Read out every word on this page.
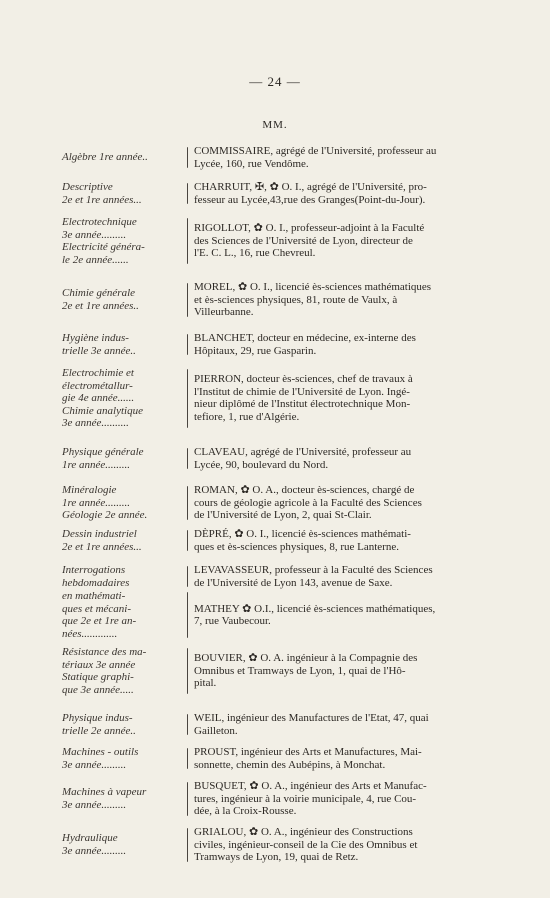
— 24 —
MM.
Algèbre 1re année..
COMMISSAIRE, agrégé de l'Université, professeur au
Lycée, 160, rue Vendôme.
Descriptive
2e et 1re années...
CHARRUIT, ✠, ✿ O. I., agrégé de l'Université, pro-
fesseur au Lycée,43,rue des Granges(Point-du-Jour).
Electrotechnique
3e année.........
Electricité généra-
le 2e année......
RIGOLLOT, ✿ O. I., professeur-adjoint à la Faculté
des Sciences de l'Université de Lyon, directeur de
l'E. C. L., 16, rue Chevreul.
Chimie générale
2e et 1re années..
MOREL, ✿ O. I., licencié ès-sciences mathématiques
et ès-sciences physiques, 81, route de Vaulx, à
Villeurbanne.
Hygiène indus-
trielle 3e année..
BLANCHET, docteur en médecine, ex-interne des
Hôpitaux, 29, rue Gasparin.
Electrochimie et
électrométallur-
gie 4e année......
Chimie analytique
3e année..........
PIERRON, docteur ès-sciences, chef de travaux à
l'Institut de chimie de l'Université de Lyon. Ingé-
nieur diplômé de l'Institut électrotechnique Mon-
tefiore, 1, rue d'Algérie.
Physique générale
1re année.........
CLAVEAU, agrégé de l'Université, professeur au
Lycée, 90, boulevard du Nord.
Minéralogie
1re année.........
Géologie 2e année.
ROMAN, ✿ O. A., docteur ès-sciences, chargé de
cours de géologie agricole à la Faculté des Sciences
de l'Université de Lyon, 2, quai St-Clair.
Dessin industriel
2e et 1re années...
DÈPRÉ, ✿ O. I., licencié ès-sciences mathémati-
ques et ès-sciences physiques, 8, rue Lanterne.
Interrogations
hebdomadaires
LEVAVASSEUR, professeur à la Faculté des Sciences
de l'Université de Lyon 143, avenue de Saxe.
en mathémati-
ques et mécani-
que 2e et 1re an-
nées.............
MATHEY ✿ O.I., licencié ès-sciences mathématiques,
7, rue Vaubecour.
Résistance des ma-
tériaux 3e année
Statique graphi-
que 3e année.....
BOUVIER, ✿ O. A. ingénieur à la Compagnie des
Omnibus et Tramways de Lyon, 1, quai de l'Hô-
pital.
Physique indus-
trielle 2e année..
WEIL, ingénieur des Manufactures de l'Etat, 47, quai
Gailleton.
Machines - outils
3e année.........
PROUST, ingénieur des Arts et Manufactures, Mai-
sonnette, chemin des Aubépins, à Monchat.
Machines à vapeur
3e année.........
BUSQUET, ✿ O. A., ingénieur des Arts et Manufac-
tures, ingénieur à la voirie municipale, 4, rue Cou-
dée, à la Croix-Rousse.
Hydraulique
3e année.........
GRIALOU, ✿ O. A., ingénieur des Constructions
civiles, ingénieur-conseil de la Cie des Omnibus et
Tramways de Lyon, 19, quai de Retz.
